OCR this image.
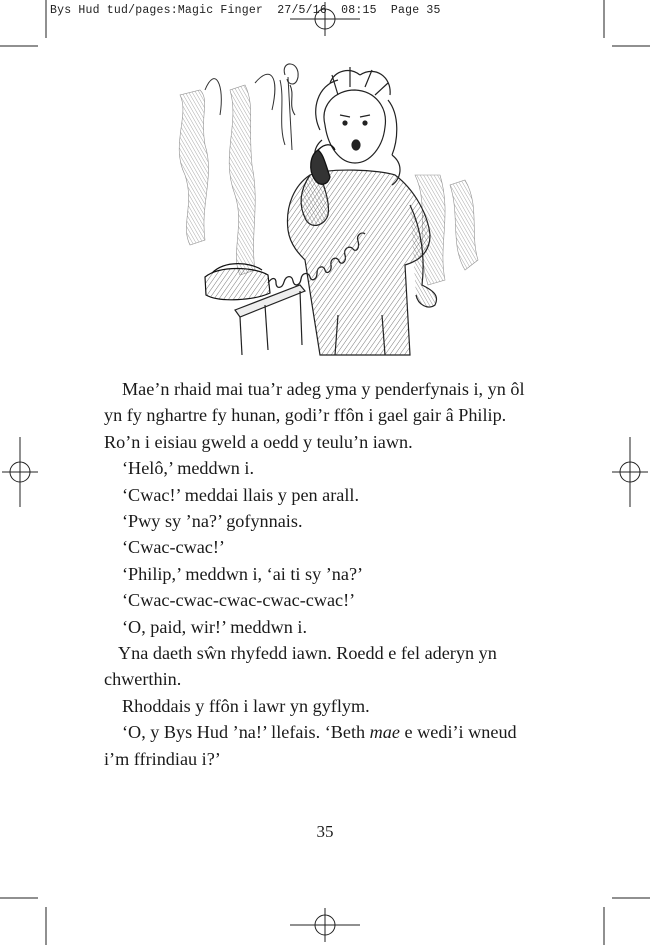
Bys Hud tud/pages:Magic Finger 27/5/16 08:15 Page 35

Mae’n rhaid mai tua’r adeg yma y penderfynais i, yn ôl yn fy nghartre fy hunan, godi’r ffôn i gael gair â Philip. Ro’n i eisiau gweld a oedd y teulu’n iawn.

‘Helô,’ meddwn i.

‘Cwac!’ meddai llais y pen arall.

‘Pwy sy ’na?’ gofynnais.

‘Cwac-cwac!’

‘Philip,’ meddwn i, ‘ai ti sy ’na?’

‘Cwac-cwac-cwac-cwac-cwac!’

‘O, paid, wir!’ meddwn i.

Yna daeth sŵn rhyfedd iawn. Roedd e fel aderyn yn chwerthin.

Rhoddais y ffôn i lawr yn gyflym.

‘O, y Bys Hud ’na!’ llefais. ‘Beth mae e wedi’i wneud i’m ffrindiau i?’

35
